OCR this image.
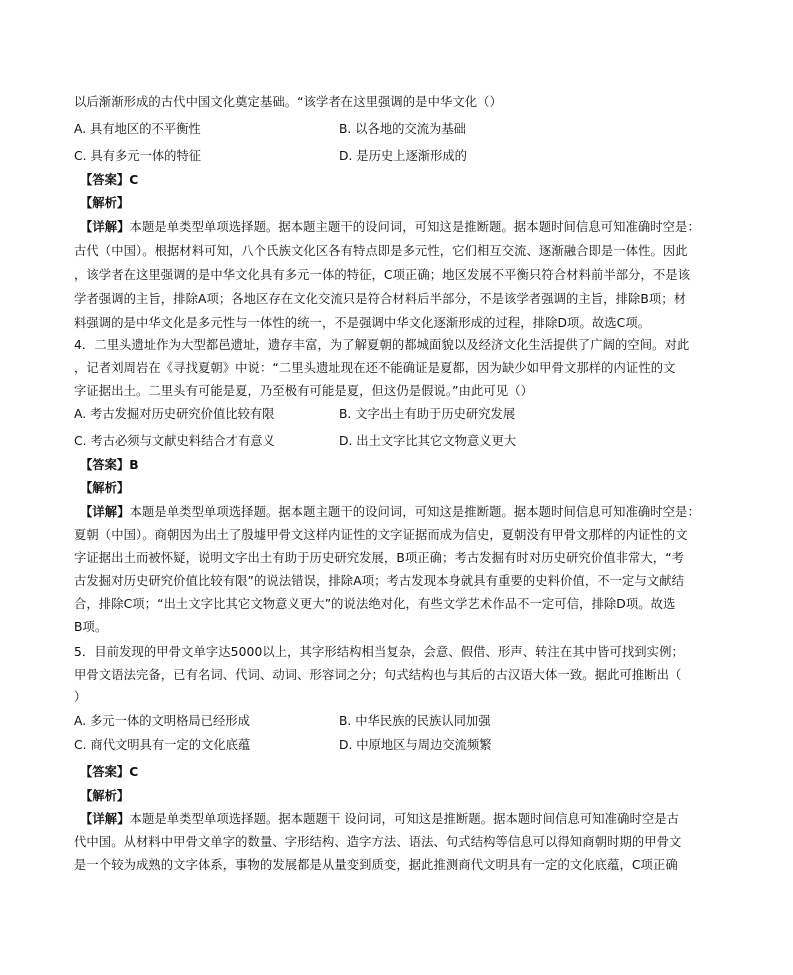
以后渐渐形成的古代中国文化奠定基础。“该学者在这里强调的是中华文化（）
A. 具有地区的不平衡性	B. 以各地的交流为基础
C. 具有多元一体的特征	D. 是历史上逐渐形成的
【答案】C
【解析】
【详解】本题是单类型单项选择题。据本题主题干的设问词，可知这是推断题。据本题时间信息可知准确时空是：
古代（中国）。根据材料可知，八个氏族文化区各有特点即是多元性，它们相互交流、逐渐融合即是一体性。因此
，该学者在这里强调的是中华文化具有多元一体的特征，C项正确；地区发展不平衡只符合材料前半部分，不是该
学者强调的主旨，排除A项；各地区存在文化交流只是符合材料后半部分，不是该学者强调的主旨，排除B项；材
料强调的是中华文化是多元性与一体性的统一，不是强调中华文化逐渐形成的过程，排除D项。故选C项。
4．二里头遗址作为大型都邑遗址，遗存丰富，为了解夏朝的都城面貌以及经济文化生活提供了广阔的空间。对此
，记者刘周岩在《寻找夏朝》中说：“二里头遗址现在还不能确证是夏都，因为缺少如甲骨文那样的内证性的文
字证据出土。二里头有可能是夏，乃至极有可能是夏，但这仍是假说。”由此可见（）
A. 考古发掘对历史研究价值比较有限	B. 文字出土有助于历史研究发展
C. 考古必须与文献史料结合才有意义	D. 出土文字比其它文物意义更大
【答案】B
【解析】
【详解】本题是单类型单项选择题。据本题主题干的设问词，可知这是推断题。据本题时间信息可知准确时空是：
夏朝（中国）。商朝因为出土了殷墟甲骨文这样内证性的文字证据而成为信史，夏朝没有甲骨文那样的内证性的文
字证据出土而被怀疑，说明文字出土有助于历史研究发展，B项正确；考古发掘有时对历史研究价值非常大，“考
古发掘对历史研究价值比较有限”的说法错误，排除A项；考古发现本身就具有重要的史料价值，不一定与文献结
合，排除C项；“出土文字比其它文物意义更大”的说法绝对化，有些文学艺术作品不一定可信，排除D项。故选
B项。
5．目前发现的甲骨文单字达5000以上，其字形结构相当复杂，会意、假借、形声、转注在其中皆可找到实例；
甲骨文语法完备，已有名词、代词、动词、形容词之分；句式结构也与其后的古汉语大体一致。据此可推断出（
）
A. 多元一体的文明格局已经形成	B. 中华民族的民族认同加强
C. 商代文明具有一定的文化底蕴	D. 中原地区与周边交流频繁
【答案】C
【解析】
【详解】本题是单类型单项选择题。据本题题干 设问词，可知这是推断题。据本题时间信息可知准确时空是古
代中国。从材料中甲骨文单字的数量、字形结构、造字方法、语法、句式结构等信息可以得知商朝时期的甲骨文
是一个较为成熟的文字体系，事物的发展都是从量变到质变，据此推测商代文明具有一定的文化底蕴，C项正确
